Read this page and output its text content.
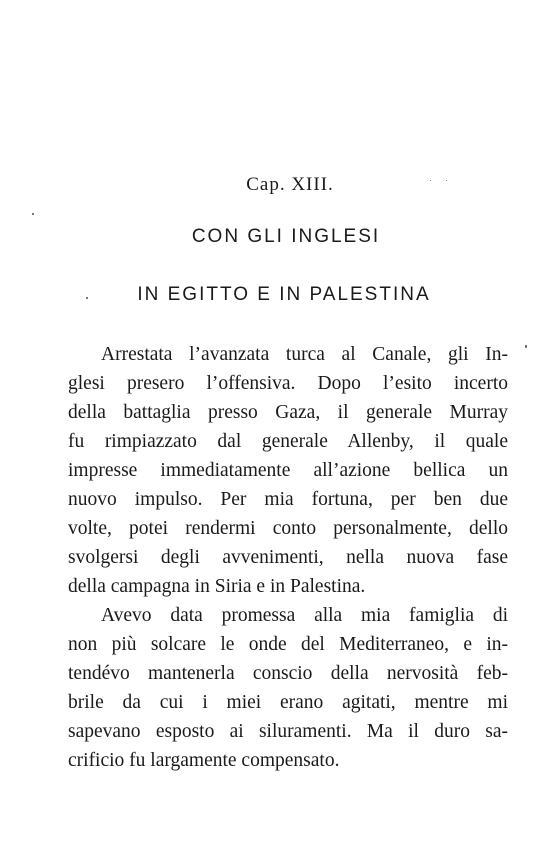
Cap. XIII.
CON GLI INGLESI
IN EGITTO E IN PALESTINA
Arrestata l’avanzata turca al Canale, gli In-
glesi presero l’offensiva. Dopo l’esito incerto
della battaglia presso Gaza, il generale Murray
fu rimpiazzato dal generale Allenby, il quale
impresse immediatamente all’azione bellica un
nuovo impulso. Per mia fortuna, per ben due
volte, potei rendermi conto personalmente, dello
svolgersi degli avvenimenti, nella nuova fase
della campagna in Siria e in Palestina.
Avevo data promessa alla mia famiglia di
non più solcare le onde del Mediterraneo, e in-
tendévo mantenerla conscio della nervosità feb-
brile da cui i miei erano agitati, mentre mi
sapevano esposto ai siluramenti. Ma il duro sa-
crificio fu largamente compensato.
